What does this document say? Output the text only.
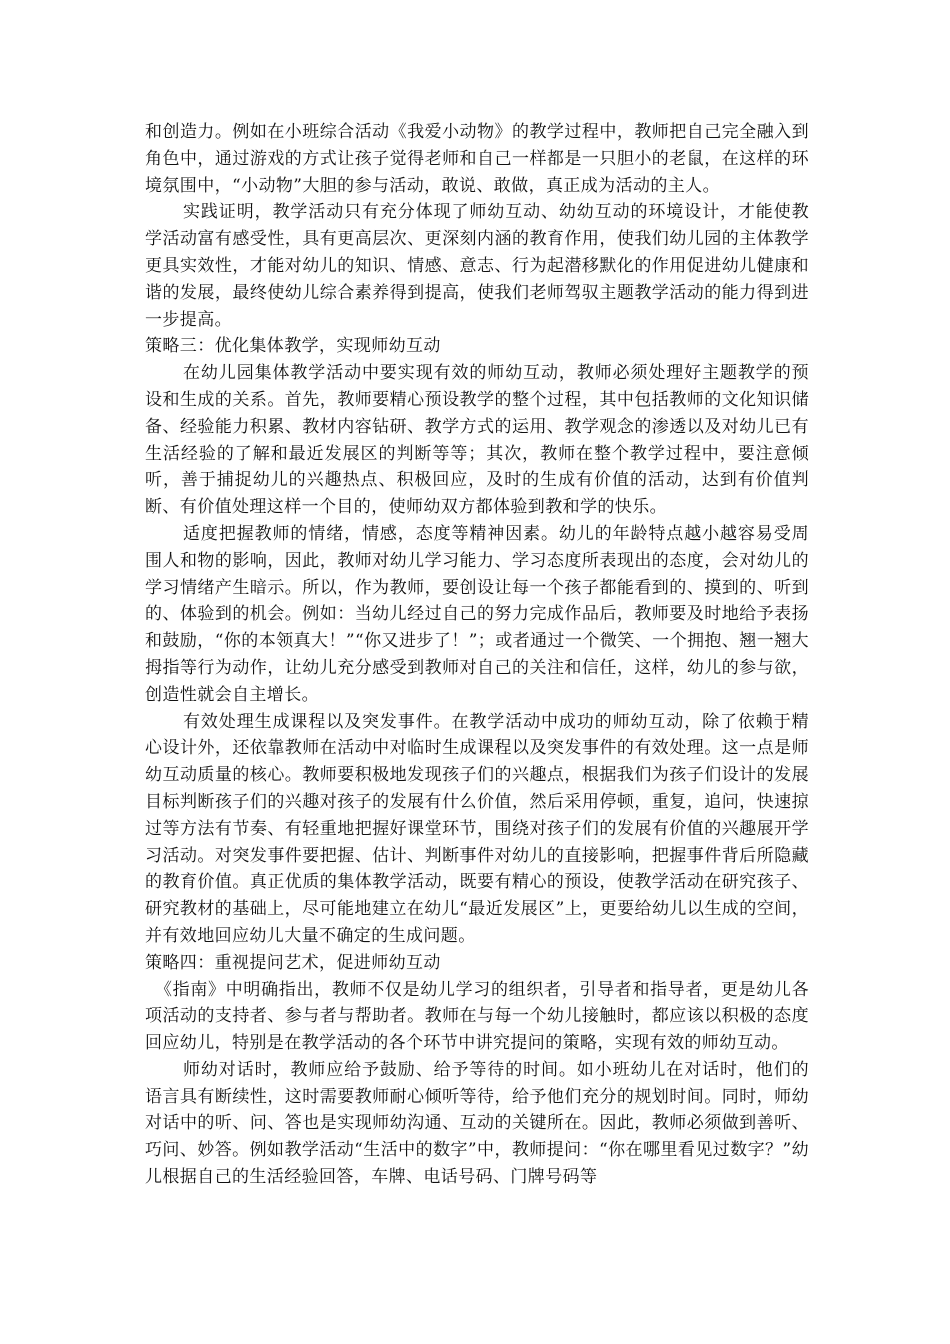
和创造力。例如在小班综合活动《我爱小动物》的教学过程中，教师把自己完全融入到角色中，通过游戏的方式让孩子觉得老师和自己一样都是一只胆小的老鼠，在这样的环境氛围中，“小动物”大胆的参与活动，敢说、敢做，真正成为活动的主人。

实践证明，教学活动只有充分体现了师幼互动、幼幼互动的环境设计，才能使教学活动富有感受性，具有更高层次、更深刻内涵的教育作用，使我们幼儿园的主体教学更具实效性，才能对幼儿的知识、情感、意志、行为起潜移默化的作用促进幼儿健康和谐的发展，最终使幼儿综合素养得到提高，使我们老师驾驭主题教学活动的能力得到进一步提高。

策略三：优化集体教学，实现师幼互动

在幼儿园集体教学活动中要实现有效的师幼互动，教师必须处理好主题教学的预设和生成的关系。首先，教师要精心预设教学的整个过程，其中包括教师的文化知识储备、经验能力积累、教材内容钻研、教学方式的运用、教学观念的渗透以及对幼儿已有生活经验的了解和最近发展区的判断等等；其次，教师在整个教学过程中，要注意倾听，善于捕捉幼儿的兴趣热点、积极回应，及时的生成有价值的活动，达到有价值判断、有价值处理这样一个目的，使师幼双方都体验到教和学的快乐。

适度把握教师的情绪，情感，态度等精神因素。幼儿的年龄特点越小越容易受周围人和物的影响，因此，教师对幼儿学习能力、学习态度所表现出的态度，会对幼儿的学习情绪产生暗示。所以，作为教师，要创设让每一个孩子都能看到的、摸到的、听到的、体验到的机会。例如：当幼儿经过自己的努力完成作品后，教师要及时地给予表扬和鼓励，“你的本领真大！”“你又进步了！”；或者通过一个微笑、一个拥抱、翘一翘大拇指等行为动作，让幼儿充分感受到教师对自己的关注和信任，这样，幼儿的参与欲，创造性就会自主增长。

有效处理生成课程以及突发事件。在教学活动中成功的师幼互动，除了依赖于精心设计外，还依靠教师在活动中对临时生成课程以及突发事件的有效处理。这一点是师幼互动质量的核心。教师要积极地发现孩子们的兴趣点，根据我们为孩子们设计的发展目标判断孩子们的兴趣对孩子的发展有什么价值，然后采用停顿，重复，追问，快速掠过等方法有节奏、有轻重地把握好课堂环节，围绕对孩子们的发展有价值的兴趣展开学习活动。对突发事件要把握、估计、判断事件对幼儿的直接影响，把握事件背后所隐藏的教育价值。真正优质的集体教学活动，既要有精心的预设，使教学活动在研究孩子、研究教材的基础上，尽可能地建立在幼儿“最近发展区”上，更要给幼儿以生成的空间，并有效地回应幼儿大量不确定的生成问题。

策略四：重视提问艺术，促进师幼互动

《指南》中明确指出，教师不仅是幼儿学习的组织者，引导者和指导者，更是幼儿各项活动的支持者、参与者与帮助者。教师在与每一个幼儿接触时，都应该以积极的态度回应幼儿，特别是在教学活动的各个环节中讲究提问的策略，实现有效的师幼互动。

师幼对话时，教师应给予鼓励、给予等待的时间。如小班幼儿在对话时，他们的语言具有断续性，这时需要教师耐心倾听等待，给予他们充分的规划时间。同时，师幼对话中的听、问、答也是实现师幼沟通、互动的关键所在。因此，教师必须做到善听、巧问、妙答。例如教学活动“生活中的数字”中，教师提问：“你在哪里看见过数字？”幼儿根据自己的生活经验回答，车牌、电话号码、门牌号码等
